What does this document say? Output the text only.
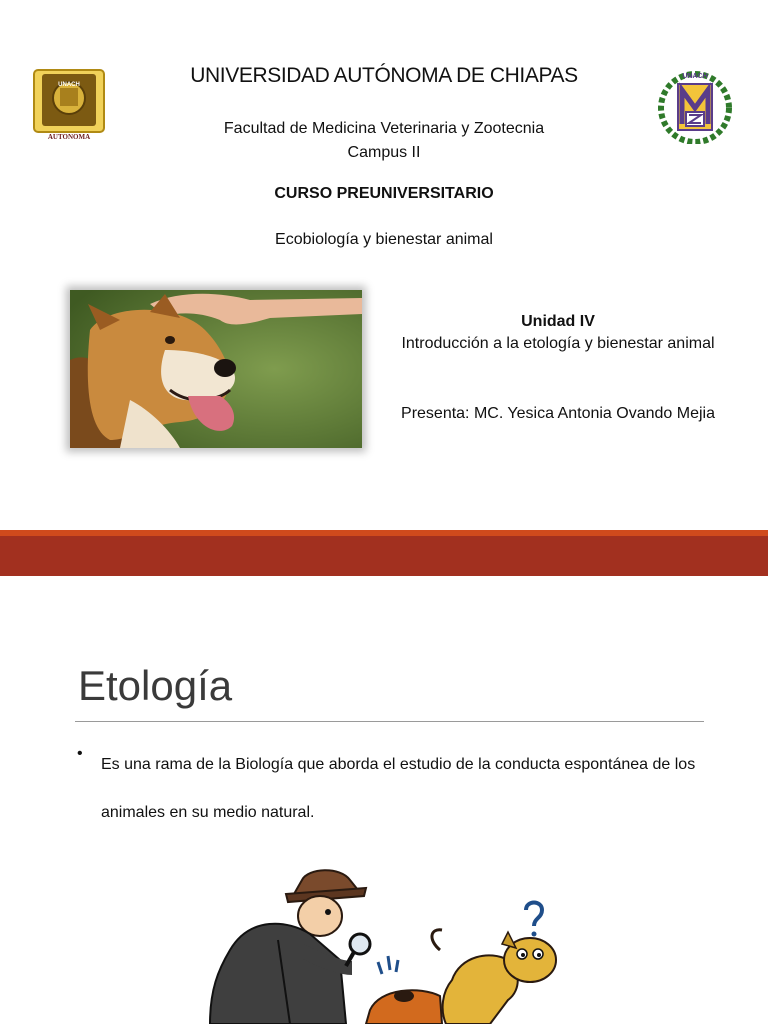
UNACH
AUTONOMA
UNACH
UNIVERSIDAD AUTÓNOMA DE CHIAPAS
Facultad de Medicina Veterinaria y Zootecnia
Campus II
CURSO PREUNIVERSITARIO
Ecobiología y bienestar animal
Unidad IV
Introducción a la etología y bienestar animal
Presenta: MC. Yesica Antonia Ovando Mejia
Etología
•
Es una rama de la Biología que aborda el estudio de la conducta espontánea de los animales en su medio natural.
